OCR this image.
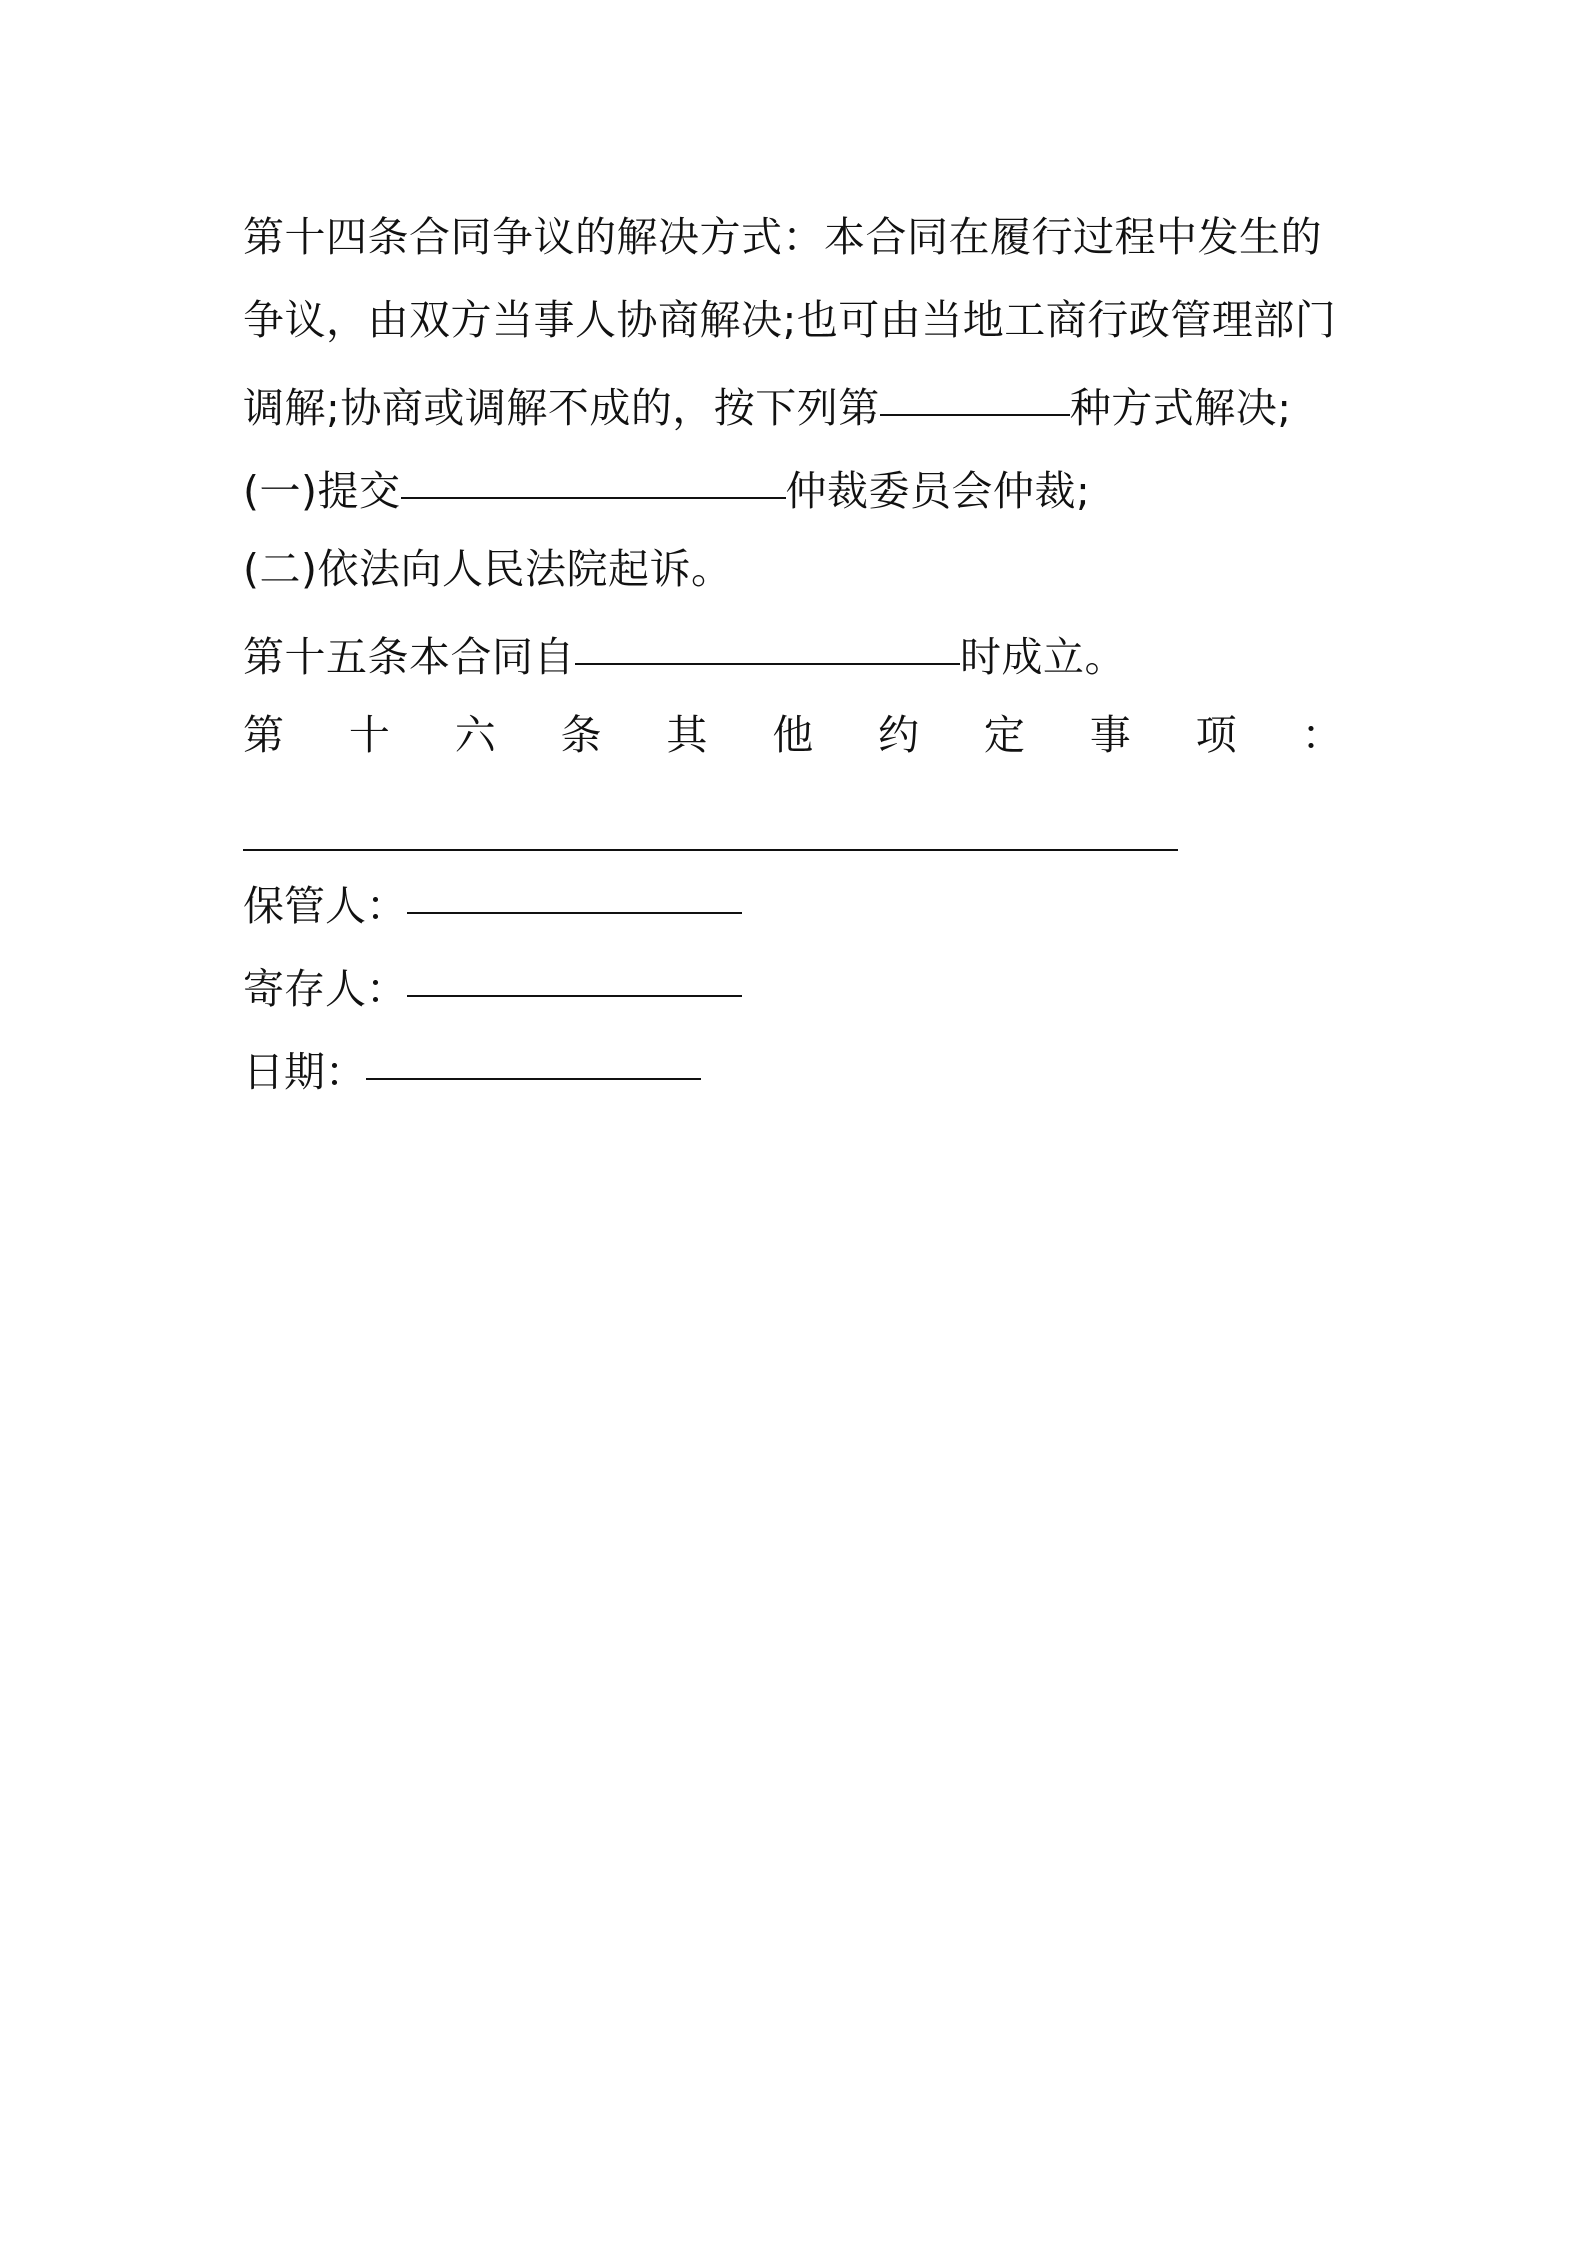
第十四条合同争议的解决方式：本合同在履行过程中发生的
争议，由双方当事人协商解决;也可由当地工商行政管理部门
调解;协商或调解不成的，按下列第	种方式解决;
(一)提交	仲裁委员会仲裁;
(二)依法向人民法院起诉。
第十五条本合同自	时成立。
第 十 六 条 其 他 约 定 事 项 ：
保管人：
寄存人：
日期：
